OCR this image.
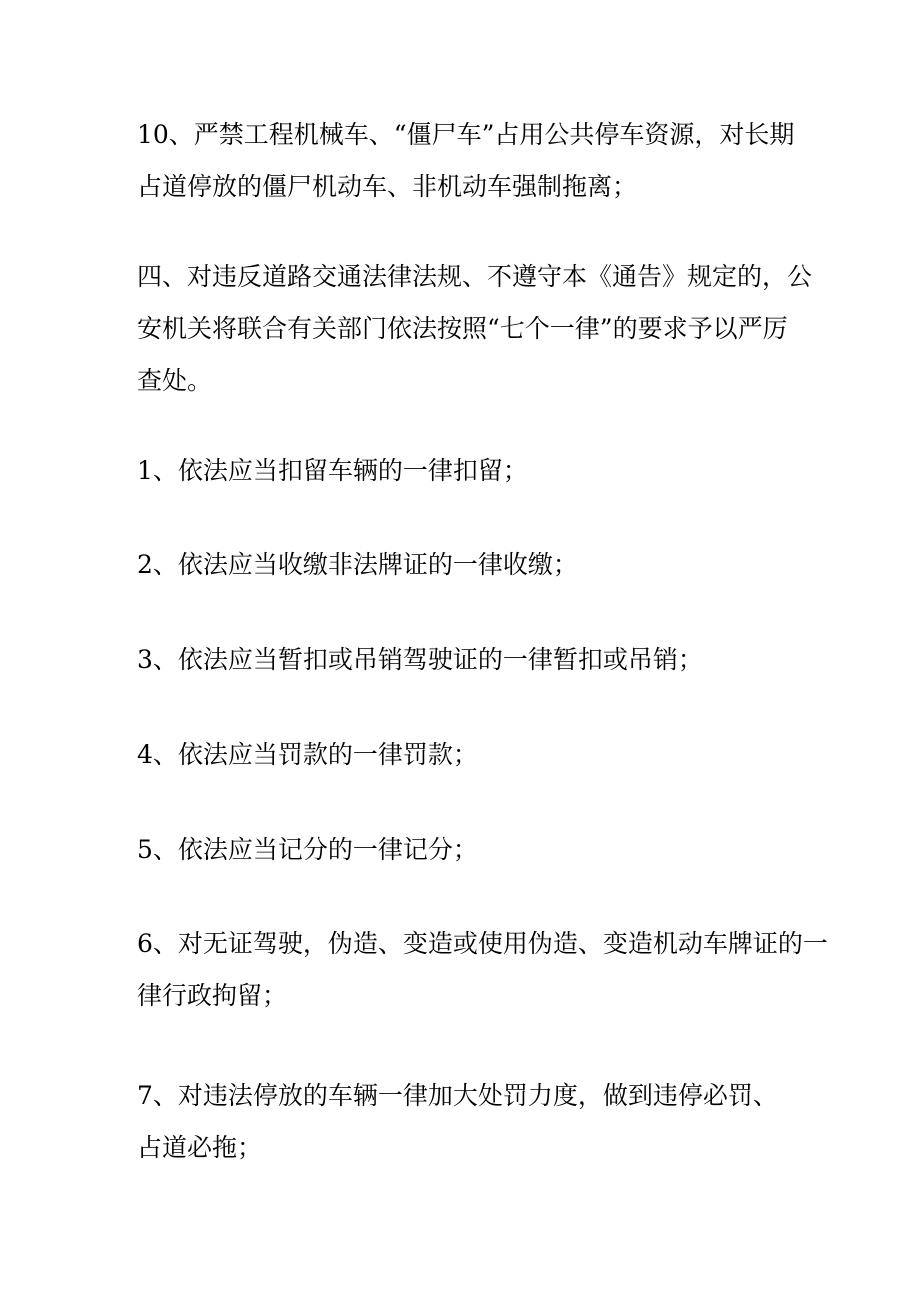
10、严禁工程机械车、“僵尸车”占用公共停车资源，对长期
占道停放的僵尸机动车、非机动车强制拖离；

四、对违反道路交通法律法规、不遵守本《通告》规定的，公
安机关将联合有关部门依法按照“七个一律”的要求予以严厉
查处。

1、依法应当扣留车辆的一律扣留；

2、依法应当收缴非法牌证的一律收缴；

3、依法应当暂扣或吊销驾驶证的一律暂扣或吊销；

4、依法应当罚款的一律罚款；

5、依法应当记分的一律记分；

6、对无证驾驶，伪造、变造或使用伪造、变造机动车牌证的一
律行政拘留；

7、对违法停放的车辆一律加大处罚力度，做到违停必罚、
占道必拖；
